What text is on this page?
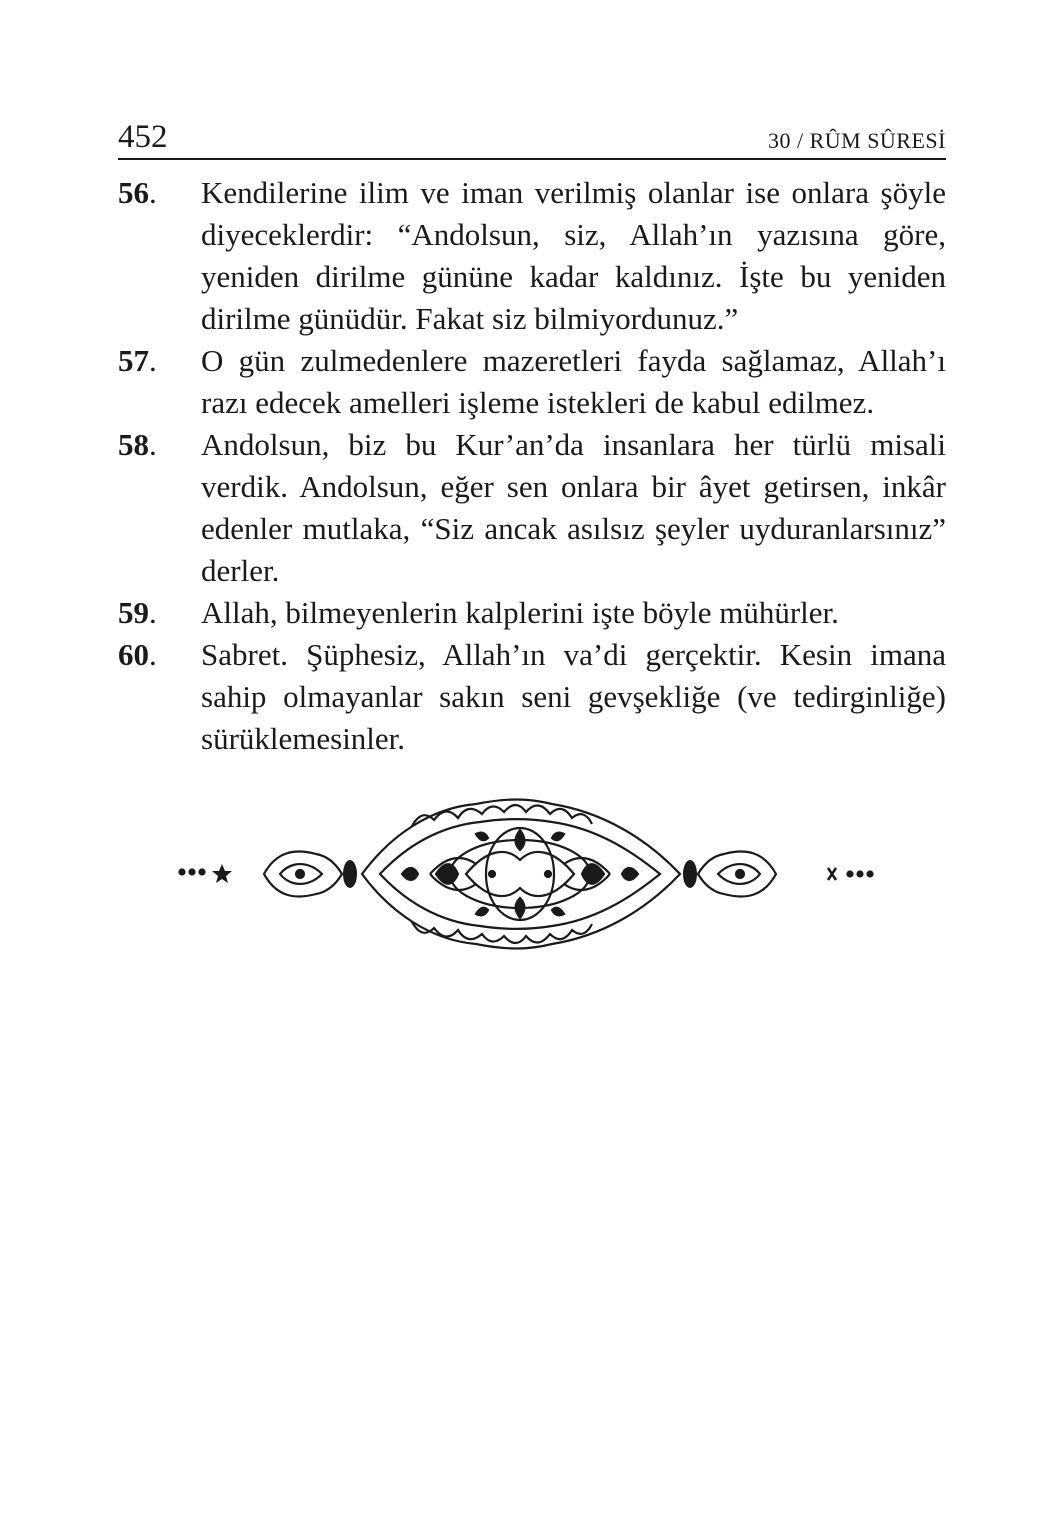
452	30 / RÛM SÛRESİ
56.	Kendilerine ilim ve iman verilmiş olanlar ise onlara şöyle diyeceklerdir: “Andolsun, siz, Allah’ın yazısına göre, yeniden dirilme gününe kadar kaldınız. İşte bu yeniden dirilme günüdür. Fakat siz bilmiyordunuz.”
57.	O gün zulmedenlere mazeretleri fayda sağlamaz, Allah’ı razı edecek amelleri işleme istekleri de kabul edilmez.
58.	Andolsun, biz bu Kur’an’da insanlara her türlü misali verdik. Andolsun, eğer sen onlara bir âyet getirsen, inkâr edenler mutlaka, “Siz ancak asılsız şeyler uyduranlarsınız” derler.
59.	Allah, bilmeyenlerin kalplerini işte böyle mühürler.
60.	Sabret. Şüphesiz, Allah’ın va’di gerçektir. Kesin imana sahip olmayanlar sakın seni gevşekliğe (ve tedirginliğe) sürüklemesinler.
